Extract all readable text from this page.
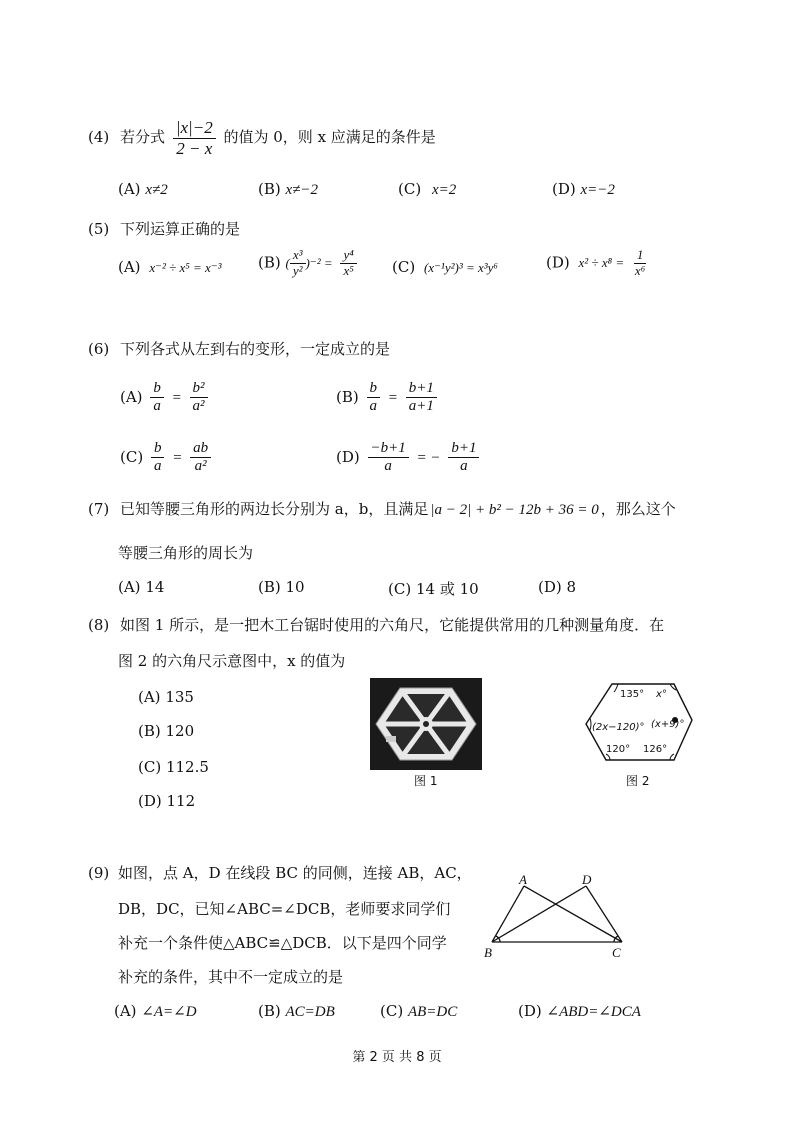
(4) 若分式 $\frac{|x|-2}{2 - x}$ 的值为 0，则 x 应满足的条件是
(A) x≠2	(B) x≠−2	(C) x=2	(D) x=−2
(5) 下列运算正确的是
(A) x⁻² ÷ x⁵ = x⁻³ (B) ( $\frac{\text{x³}}{\text{y²}} )^{-2} = \frac{\text{y⁴}}{\text{x⁵}} (C)$ (x⁻¹y²)³ = x³y⁶	(D) $x^2 \div x^8 = \frac{1}{\text{x⁶}}$
(6) 下列各式从左到右的变形，一定成立的是
$(A) \frac{b}{a} = \frac{\text{b²}}{\text{a²}}$	$(B) \frac{b}{a} = \frac{b+1}{a+1}$
$(C) \frac{b}{a} = \frac{ab}{\text{a²}}$	$(D) \frac{-b+1}{a}$ = − $\frac{b+1}{a}$
(7) 已知等腰三角形的两边长分别为 a，b，且满足 |a − 2| + b² − 12b + 36 = 0 ，那么这个
等腰三角形的周长为
(A) 14	(B) 10	(C) 14 或 10	(D) 8
(8) 如图 1 所示，是一把木工台锯时使用的六角尺，它能提供常用的几种测量角度．在
图 2 的六角尺示意图中，x 的值为
(A) 135
(B) 120
(C) 112.5
(D) 112
图 1
135° x°
(2x−120)° (x+9)°
120° 126°
图 2
(9) 如图，点 A，D 在线段 BC 的同侧，连接 AB，AC，
DB，DC，已知∠ABC=∠DCB，老师要求同学们
补充一个条件使△ABC≌△DCB．以下是四个同学
补充的条件，其中不一定成立的是
A	D
B	C
(A) ∠A=∠D	(B) AC=DB	(C) AB=DC	(D) ∠ABD=∠DCA
第 2 页 共 8 页
